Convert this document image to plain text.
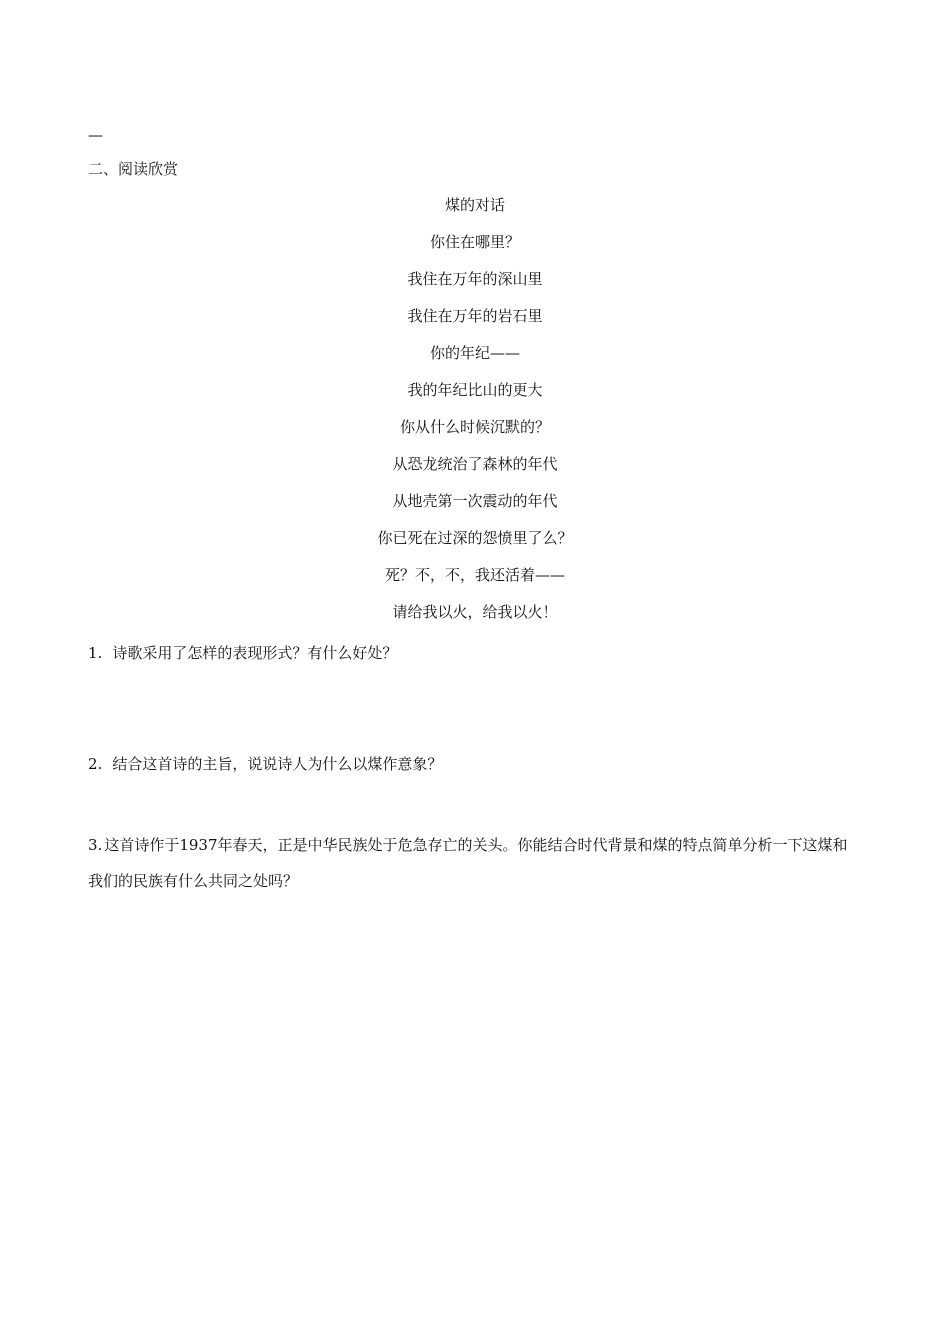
—
二、阅读欣赏
煤的对话
你住在哪里？
我住在万年的深山里
我住在万年的岩石里
你的年纪——
我的年纪比山的更大
你从什么时候沉默的？
从恐龙统治了森林的年代
从地壳第一次震动的年代
你已死在过深的怨愤里了么？
死？不，不，我还活着——
请给我以火，给我以火！
1. 诗歌采用了怎样的表现形式？有什么好处？
2. 结合这首诗的主旨，说说诗人为什么以煤作意象？
3. 这首诗作于1937年春天，正是中华民族处于危急存亡的关头。你能结合时代背景和煤的特点简单分析一下这煤和我们的民族有什么共同之处吗？
